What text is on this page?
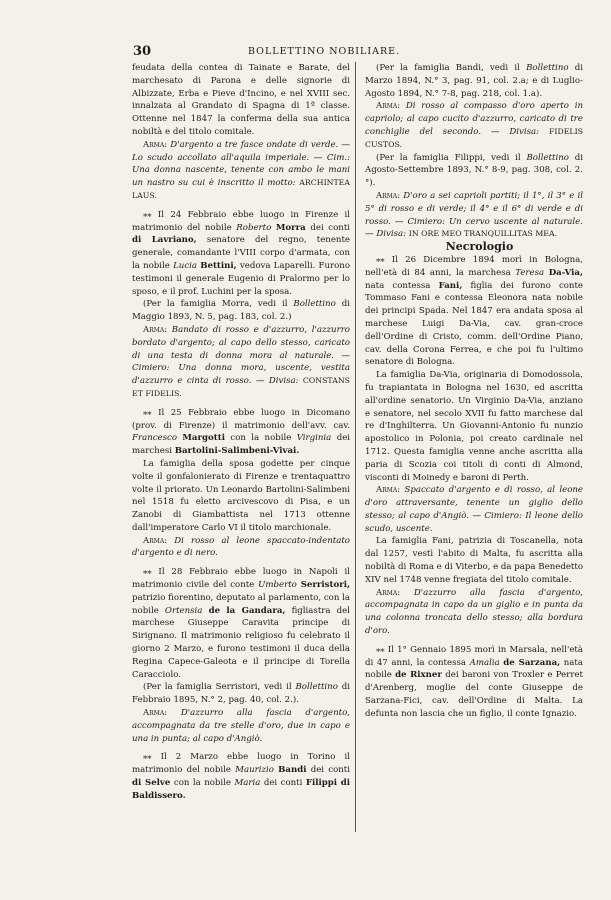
30	BOLLETTINO NOBILIARE.

feudata della contea di Tainate e Barate, del marchesato di Parona e delle signorie di Albizzate, Erba e Pieve d'Incino, e nel XVIII sec. innalzata al Grandato di Spagna di 1ª classe. Ottenne nel 1847 la conferma della sua antica nobiltà e del titolo comitale.

Arma: D'argento a tre fasce ondate di verde. — Lo scudo accollato all'aquila imperiale. — Cim.: Una donna nascente, tenente con ambo le mani un nastro su cui è inscritto il motto: ARCHINTEA LAUS.

⁎⁎ Il 24 Febbraio ebbe luogo in Firenze il matrimonio del nobile Roberto Morra dei conti di Lavriano, senatore del regno, tenente generale, comandante l'VIII corpo d'armata, con la nobile Lucia Bettini, vedova Laparelli. Furono testimoni il generale Eugenio di Pralormo per lo sposo, e il prof. Luchini per la sposa.

(Per la famiglia Morra, vedi il Bollettino di Maggio 1893, N. 5, pag. 183, col. 2.)

Arma: Bandato di rosso e d'azzurro, l'azzurro bordato d'argento; al capo dello stesso, caricato di una testa di donna mora al naturale. — Cimiero: Una donna mora, uscente, vestita d'azzurro e cinta di rosso. — Divisa: CONSTANS ET FIDELIS.

⁎⁎ Il 25 Febbraio ebbe luogo in Dicomano (prov. di Firenze) il matrimonio dell'avv. cav. Francesco Margotti con la nobile Virginia dei marchesi Bartolini-Salimbeni-Vivai.

La famiglia della sposa godette per cinque volte il gonfalonierato di Firenze e trentaquattro volte il priorato. Un Leonardo Bartolini-Salimbeni nel 1518 fu eletto arcivescovo di Pisa, e un Zanobi di Giambattista nel 1713 ottenne dall'imperatore Carlo VI il titolo marchionale.

Arma: Di rosso al leone spaccato-indentato d'argento e di nero.

⁎⁎ Il 28 Febbraio ebbe luogo in Napoli il matrimonio civile del conte Umberto Serristori, patrizio fiorentino, deputato al parlamento, con la nobile Ortensia de la Gandara, figliastra del marchese Giuseppe Caravita principe di Sirignano. Il matrimonio religioso fu celebrato il giorno 2 Marzo, e furono testimoni il duca della Regina Capece-Galeota e il principe di Torella Caracciolo.

(Per la famiglia Serristori, vedi il Bollettino di Febbraio 1895, N.° 2, pag. 40, col. 2.).

Arma: D'azzurro alla fascia d'argento, accompagnata da tre stelle d'oro, due in capo e una in punta; al capo d'Angiò.

⁎⁎ Il 2 Marzo ebbe luogo in Torino il matrimonio del nobile Maurizio Bandi dei conti di Selve con la nobile Maria dei conti Filippi di Baldissero.

(Per la famiglia Bandi, vedi il Bollettino di Marzo 1894, N.° 3, pag. 91, col. 2.a; e di Luglio-Agosto 1894, N.° 7-8, pag. 218, col. 1.a).

Arma: Di rosso al compasso d'oro aperto in capriolo; al capo cucito d'azzurro, caricato di tre conchiglie del secondo. — Divisa: FIDELIS CUSTOS.

(Per la famiglia Filippi, vedi il Bollettino di Agosto-Settembre 1893, N.° 8-9, pag. 308, col. 2.°).

Arma: D'oro a sei caprioli partiti; il 1°, il 3° e il 5° di rosso e di verde; il 4° e il 6° di verde e di rosso. — Cimiero: Un cervo uscente al naturale. — Divisa: IN ORE MEO TRANQUILLITAS MEA.

Necrologio

⁎⁎ Il 26 Dicembre 1894 morì in Bologna, nell'età di 84 anni, la marchesa Teresa Da-Via, nata contessa Fani, figlia dei furono conte Tommaso Fani e contessa Eleonora nata nobile dei principi Spada. Nel 1847 era andata sposa al marchese Luigi Da-Via, cav. gran-croce dell'Ordine di Cristo, comm. dell'Ordine Piano, cav. della Corona Ferrea, e che poi fu l'ultimo senatore di Bologna.

La famiglia Da-Via, originaria di Domodossola, fu trapiantata in Bologna nel 1630, ed ascritta all'ordine senatorio. Un Virginio Da-Via, anziano e senatore, nel secolo XVII fu fatto marchese dal re d'Inghilterra. Un Giovanni-Antonio fu nunzio apostolico in Polonia, poi creato cardinale nel 1712. Questa famiglia venne anche ascritta alla paria di Scozia coi titoli di conti di Almond, visconti di Moinedy e baroni di Perth.

Arma: Spaccato d'argento e di rosso, al leone d'oro attraversante, tenente un giglio dello stesso; al capo d'Angiò. — Cimiero: Il leone dello scudo, uscente.

La famiglia Fani, patrizia di Toscanella, nota dal 1257, vestì l'abito di Malta, fu ascritta alla nobiltà di Roma e di Viterbo, e da papa Benedetto XIV nel 1748 venne fregiata del titolo comitale.

Arma: D'azzurro alla fascia d'argento, accompagnata in capo da un giglio e in punta da una colonna troncata dello stesso; alla bordura d'oro.

⁎⁎ Il 1° Gennaio 1895 morì in Marsala, nell'età di 47 anni, la contessa Amalia de Sarzana, nata nobile de Rixner dei baroni von Troxler e Perret d'Arenberg, moglie del conte Giuseppe de Sarzana-Fici, cav. dell'Ordine di Malta. La defunta non lascia che un figlio, il conte Ignazio.
